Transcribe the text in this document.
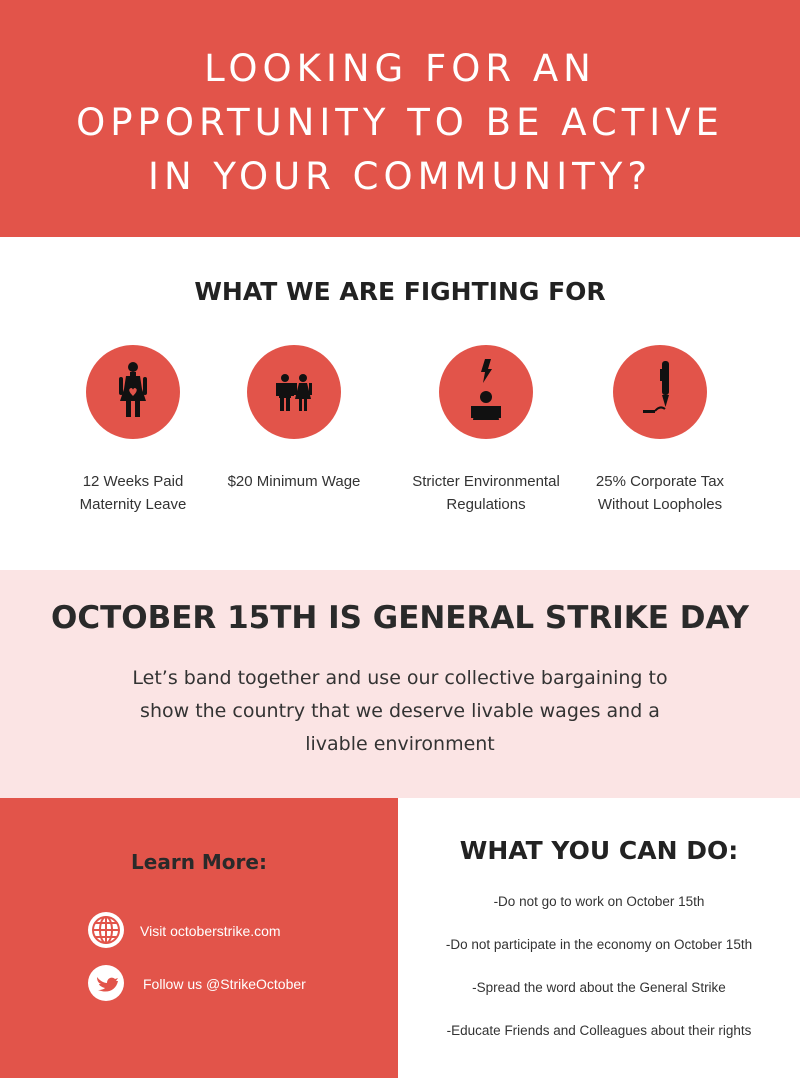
LOOKING FOR AN
OPPORTUNITY TO BE ACTIVE
IN YOUR COMMUNITY?
WHAT WE ARE FIGHTING FOR
12 Weeks Paid
Maternity Leave
$20 Minimum Wage	Stricter Environmental
Regulations
25% Corporate Tax
Without Loopholes
OCTOBER 15TH IS GENERAL STRIKE DAY

Let’s band together and use our collective bargaining to
show the country that we deserve livable wages and a
livable environment

Learn More:
Visit octoberstrike.com
Follow us @StrikeOctober
WHAT YOU CAN DO:
-Do not go to work on October 15th
-Do not participate in the economy on October 15th
-Spread the word about the General Strike
-Educate Friends and Colleagues about their rights
